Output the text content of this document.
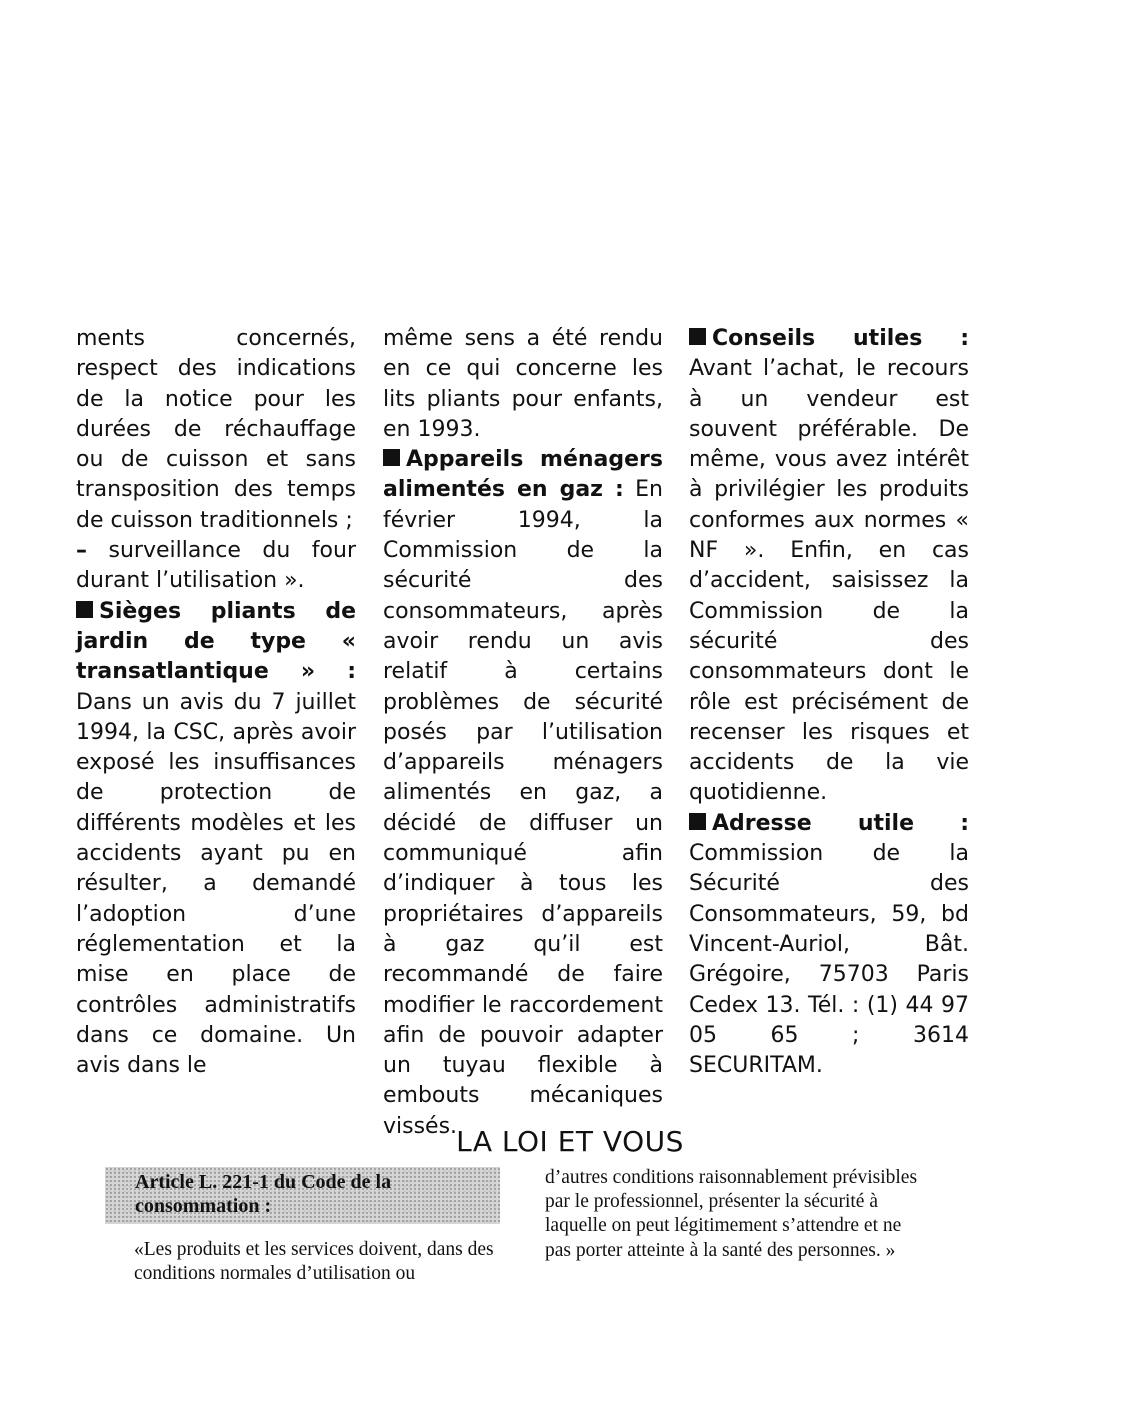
ments concernés, respect des indications de la notice pour les durées de réchauffage ou de cuisson et sans transposition des temps de cuisson traditionnels ;

– surveillance du four durant l’utilisation ».

Sièges pliants de jardin de type « transatlantique » : Dans un avis du 7 juillet 1994, la CSC, après avoir exposé les insuffisances de protection de différents modèles et les accidents ayant pu en résulter, a demandé l’adoption d’une réglementation et la mise en place de contrôles administratifs dans ce domaine. Un avis dans le

même sens a été rendu en ce qui concerne les lits pliants pour enfants, en 1993.

Appareils ménagers alimentés en gaz : En février 1994, la Commission de la sécurité des consommateurs, après avoir rendu un avis relatif à certains problèmes de sécurité posés par l’utilisation d’appareils ménagers alimentés en gaz, a décidé de diffuser un communiqué afin d’indiquer à tous les propriétaires d’appareils à gaz qu’il est recommandé de faire modifier le raccordement afin de pouvoir adapter un tuyau flexible à embouts mécaniques vissés.

Conseils utiles : Avant l’achat, le recours à un vendeur est souvent préférable. De même, vous avez intérêt à privilégier les produits conformes aux normes « NF ». Enfin, en cas d’accident, saisissez la Commission de la sécurité des consommateurs dont le rôle est précisément de recenser les risques et accidents de la vie quotidienne.

Adresse utile : Commission de la Sécurité des Consommateurs, 59, bd Vincent-Auriol, Bât. Grégoire, 75703 Paris Cedex 13. Tél. : (1) 44 97 05 65 ; 3614 SECURITAM.

LA LOI ET VOUS
Article L. 221-1 du Code de la consommation :

«Les produits et les services doivent, dans des conditions normales d’utilisation ou

d’autres conditions raisonnablement prévisibles par le professionnel, présenter la sécurité à laquelle on peut légitimement s’attendre et ne pas porter atteinte à la santé des personnes. »
